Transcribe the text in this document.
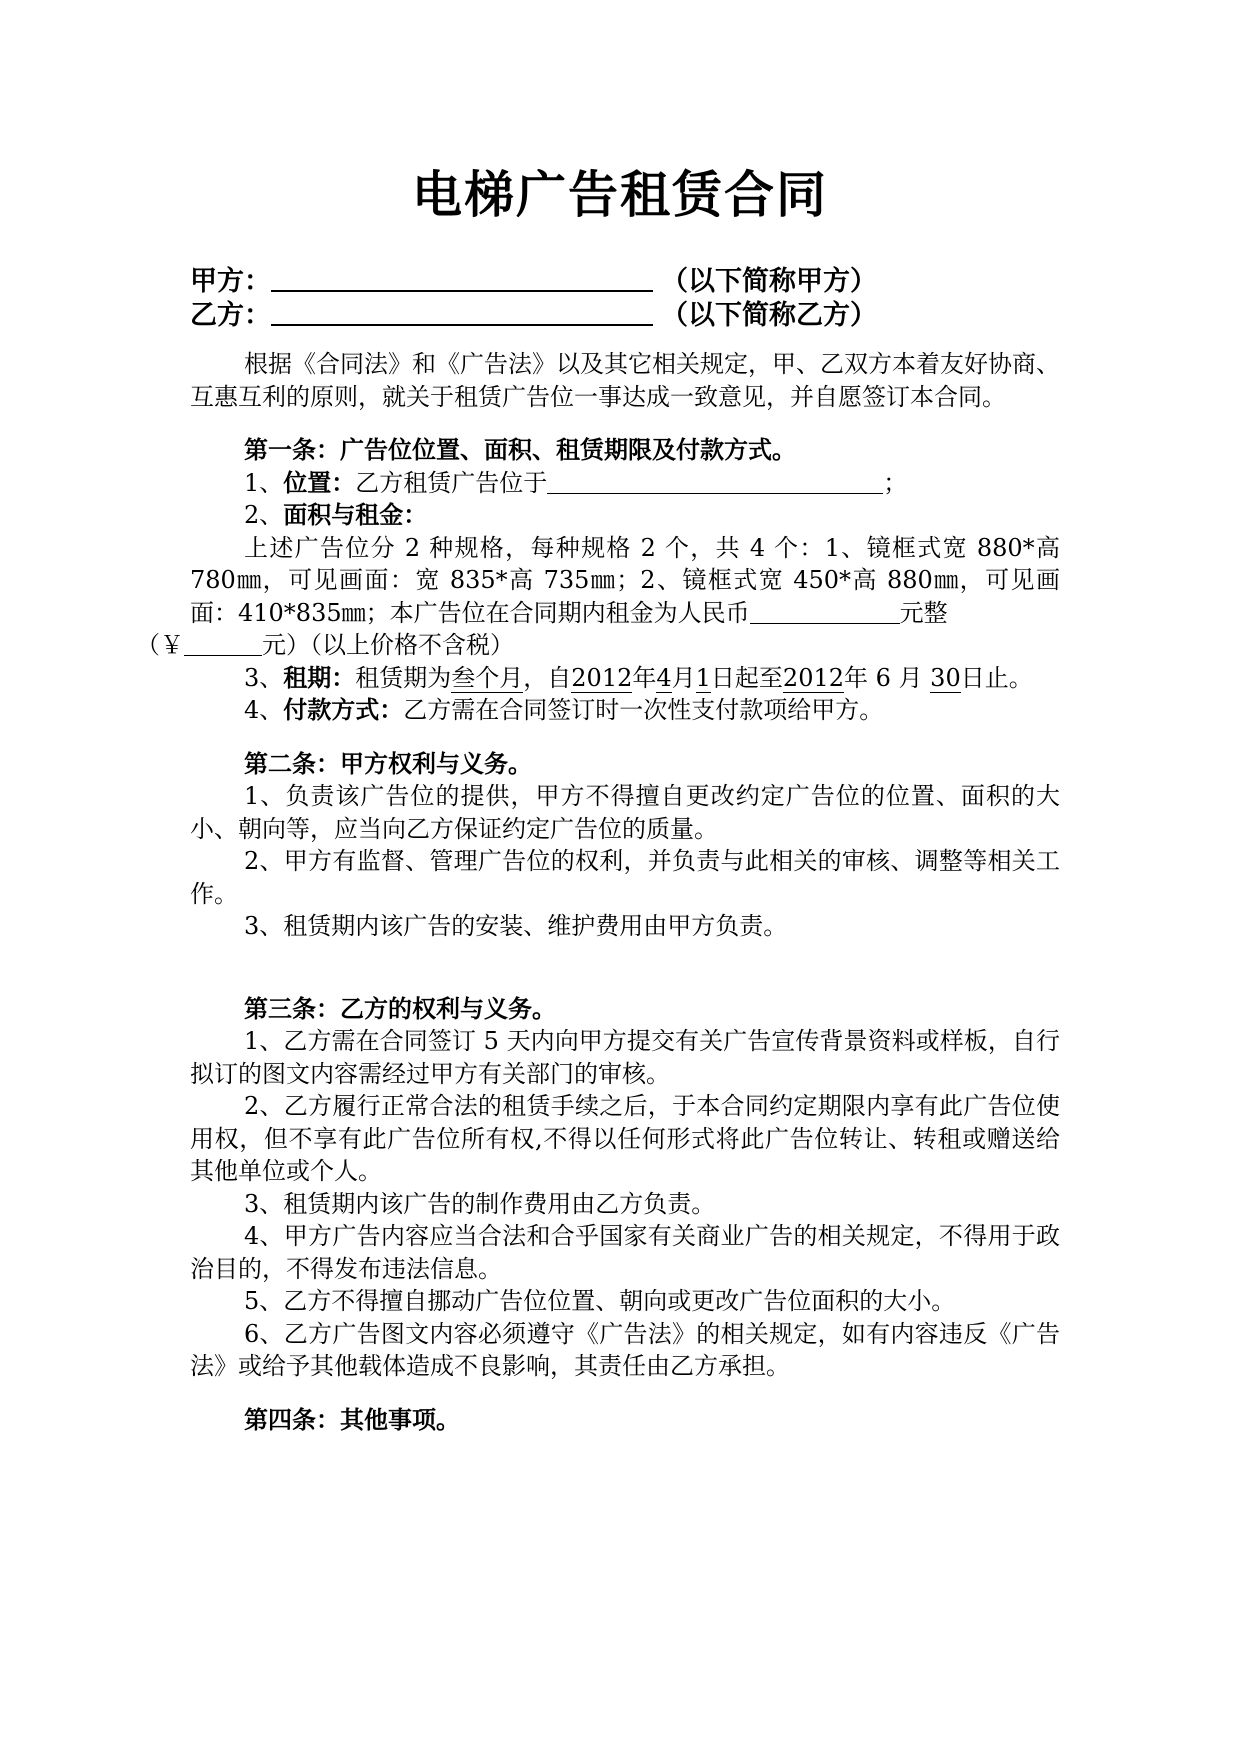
电梯广告租赁合同
甲方：	（以下简称甲方）
乙方：	（以下简称乙方）

根据《合同法》和《广告法》以及其它相关规定，甲、乙双方本着友好协商、互惠互利的原则，就关于租赁广告位一事达成一致意见，并自愿签订本合同。

第一条：广告位位置、面积、租赁期限及付款方式。

1、位置：乙方租赁广告位于	；

2、面积与租金：

上述广告位分 2 种规格，每种规格 2 个，共 4 个：1、镜框式宽 880*高 780㎜，可见画面：宽 835*高 735㎜；2、镜框式宽 450*高 880㎜，可见画面：410*835㎜；本广告位在合同期内租金为人民币	元整
（￥	元）（以上价格不含税）

3、租期：租赁期为叁个月，自2012年4月1日起至2012年 6 月 30日止。

4、付款方式：乙方需在合同签订时一次性支付款项给甲方。

第二条：甲方权利与义务。

1、负责该广告位的提供，甲方不得擅自更改约定广告位的位置、面积的大小、朝向等，应当向乙方保证约定广告位的质量。

2、甲方有监督、管理广告位的权利，并负责与此相关的审核、调整等相关工作。

3、租赁期内该广告的安装、维护费用由甲方负责。

第三条：乙方的权利与义务。

1、乙方需在合同签订 5 天内向甲方提交有关广告宣传背景资料或样板，自行拟订的图文内容需经过甲方有关部门的审核。

2、乙方履行正常合法的租赁手续之后，于本合同约定期限内享有此广告位使用权，但不享有此广告位所有权,不得以任何形式将此广告位转让、转租或赠送给其他单位或个人。

3、租赁期内该广告的制作费用由乙方负责。

4、甲方广告内容应当合法和合乎国家有关商业广告的相关规定，不得用于政治目的，不得发布违法信息。

5、乙方不得擅自挪动广告位位置、朝向或更改广告位面积的大小。

6、乙方广告图文内容必须遵守《广告法》的相关规定，如有内容违反《广告法》或给予其他载体造成不良影响，其责任由乙方承担。

第四条：其他事项。
